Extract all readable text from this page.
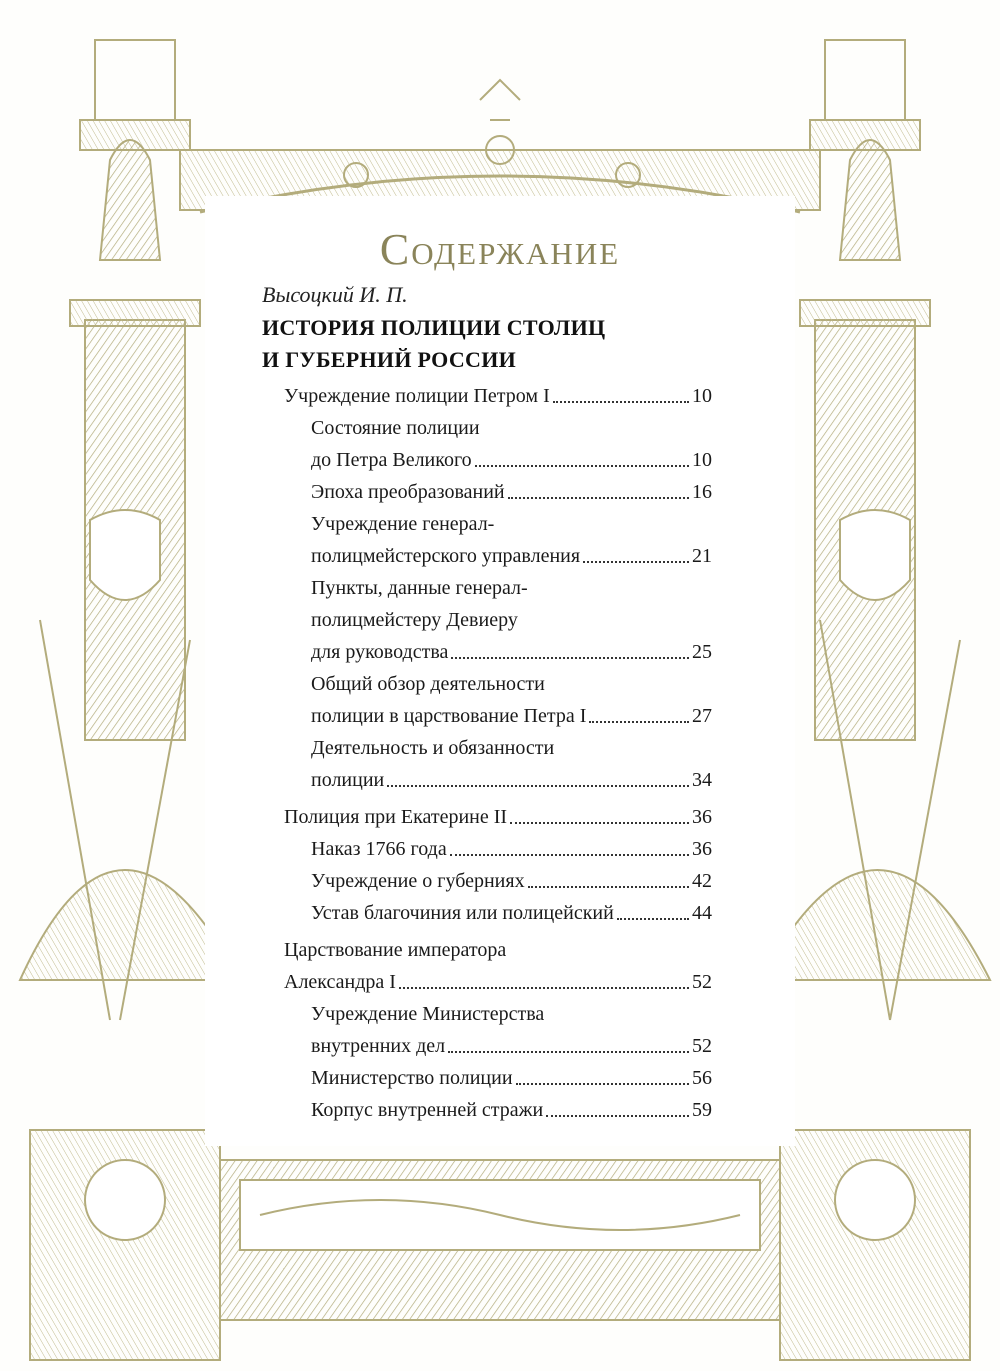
Содержание
Высоцкий И. П.
ИСТОРИЯ ПОЛИЦИИ СТОЛИЦ
И ГУБЕРНИЙ РОССИИ
Учреждение полиции Петром I	10
Состояние полиции
до Петра Великого	10
Эпоха преобразований	16
Учреждение генерал-
полицмейстерского управления	21
Пункты, данные генерал-
полицмейстеру Девиеру
для руководства	25
Общий обзор деятельности
полиции в царствование Петра I	27
Деятельность и обязанности
полиции	34
Полиция при Екатерине II	36
Наказ 1766 года	36
Учреждение о губерниях	42
Устав благочиния или полицейский	44
Царствование императора
Александра I	52
Учреждение Министерства
внутренних дел	52
Министерство полиции	56
Корпус внутренней стражи	59
